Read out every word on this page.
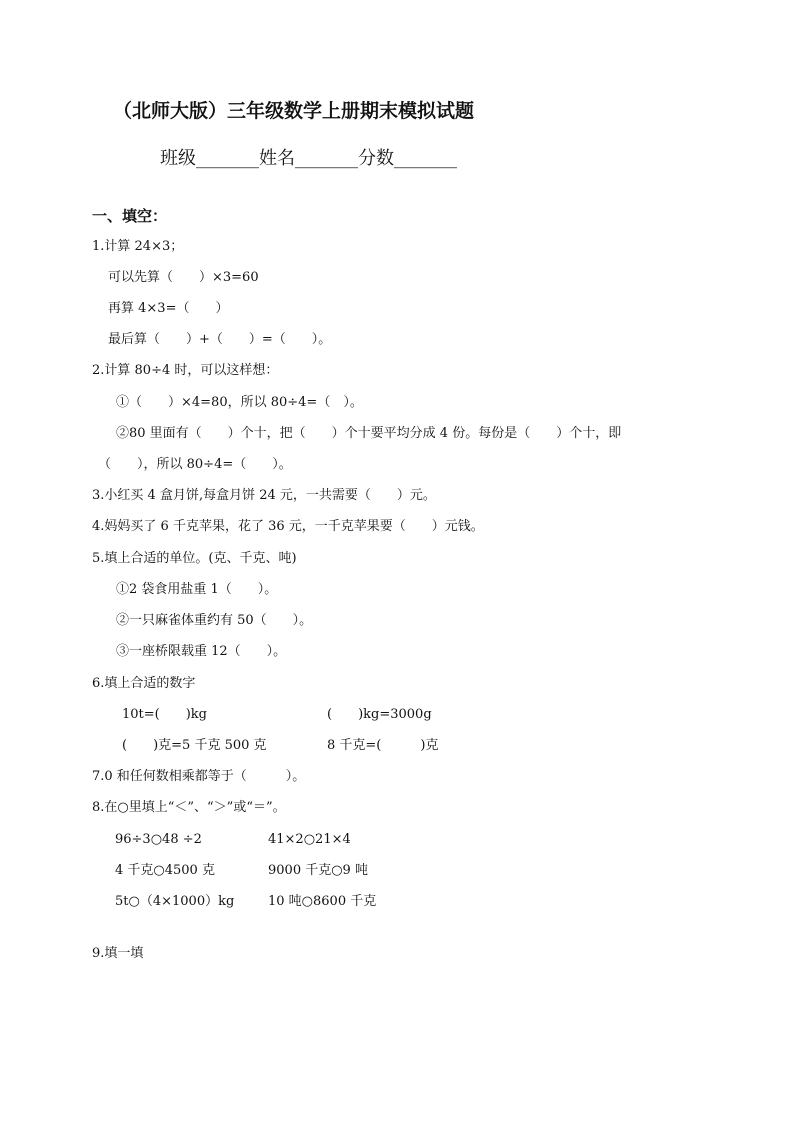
（北师大版）三年级数学上册期末模拟试题
班级_______姓名_______分数_______
一、填空：
1.计算 24×3；
可以先算（　　）×3=60
再算 4×3=（　　）
最后算（　　）+（　　）=（　　）。
2.计算 80÷4 时，可以这样想：
①（　　）×4=80，所以 80÷4=（　）。
②80 里面有（　　）个十，把（　　）个十要平均分成 4 份。每份是（　　）个十，即
（　　），所以 80÷4=（　　）。
3.小红买 4 盒月饼,每盒月饼 24 元，一共需要（　　）元。
4.妈妈买了 6 千克苹果，花了 36 元，一千克苹果要（　　）元钱。
5.填上合适的单位。(克、千克、吨)
①2 袋食用盐重 1（　　）。
②一只麻雀体重约有 50（　　）。
③一座桥限载重 12（　　）。
6.填上合适的数字
10t=(　　)kg	(　　)kg=3000g
(　　)克=5 千克 500 克	8 千克=(　　　)克
7.0 和任何数相乘都等于（　　　）。
8.在○里填上“＜”、“＞”或“＝”。
96÷3○48 ÷2	41×2○21×4
4 千克○4500 克	9000 千克○9 吨
5t○（4×1000）kg	10 吨○8600 千克
9.填一填
